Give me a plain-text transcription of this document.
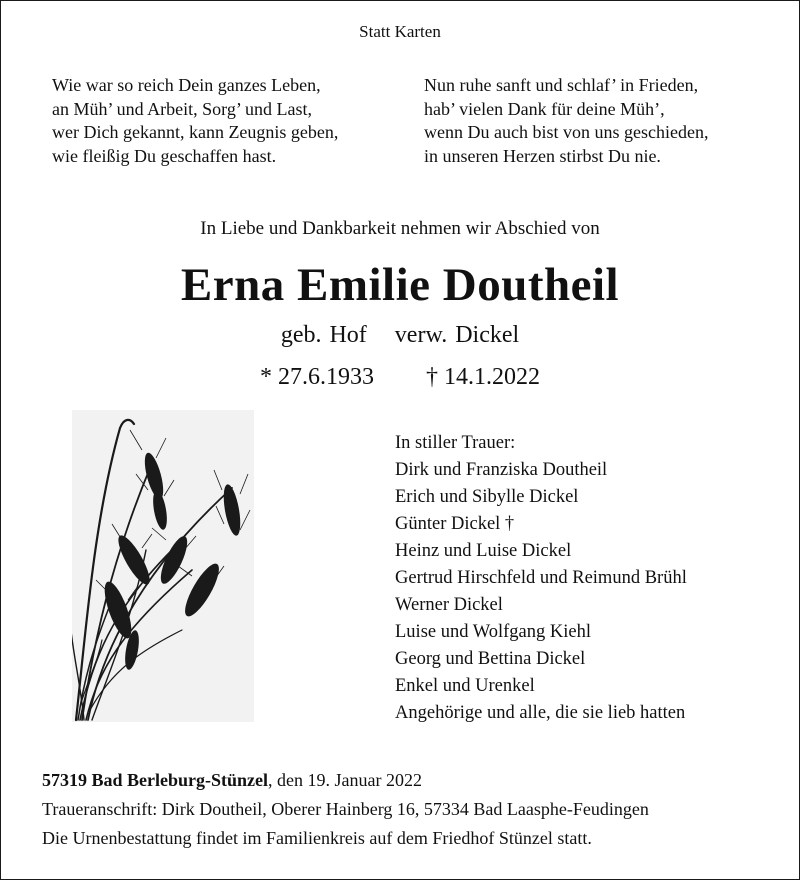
Statt Karten
Wie war so reich Dein ganzes Leben,
an Müh’ und Arbeit, Sorg’ und Last,
wer Dich gekannt, kann Zeugnis geben,
wie fleißig Du geschaffen hast.
Nun ruhe sanft und schlaf’ in Frieden,
hab’ vielen Dank für deine Müh’,
wenn Du auch bist von uns geschieden,
in unseren Herzen stirbst Du nie.
In Liebe und Dankbarkeit nehmen wir Abschied von
Erna Emilie Doutheil
geb. Hof verw. Dickel
* 27.6.1933 † 14.1.2022
In stiller Trauer:
Dirk und Franziska Doutheil
Erich und Sibylle Dickel
Günter Dickel †
Heinz und Luise Dickel
Gertrud Hirschfeld und Reimund Brühl
Werner Dickel
Luise und Wolfgang Kiehl
Georg und Bettina Dickel
Enkel und Urenkel
Angehörige und alle, die sie lieb hatten
57319 Bad Berleburg-Stünzel, den 19. Januar 2022
Traueranschrift: Dirk Doutheil, Oberer Hainberg 16, 57334 Bad Laasphe-Feudingen
Die Urnenbestattung findet im Familienkreis auf dem Friedhof Stünzel statt.
